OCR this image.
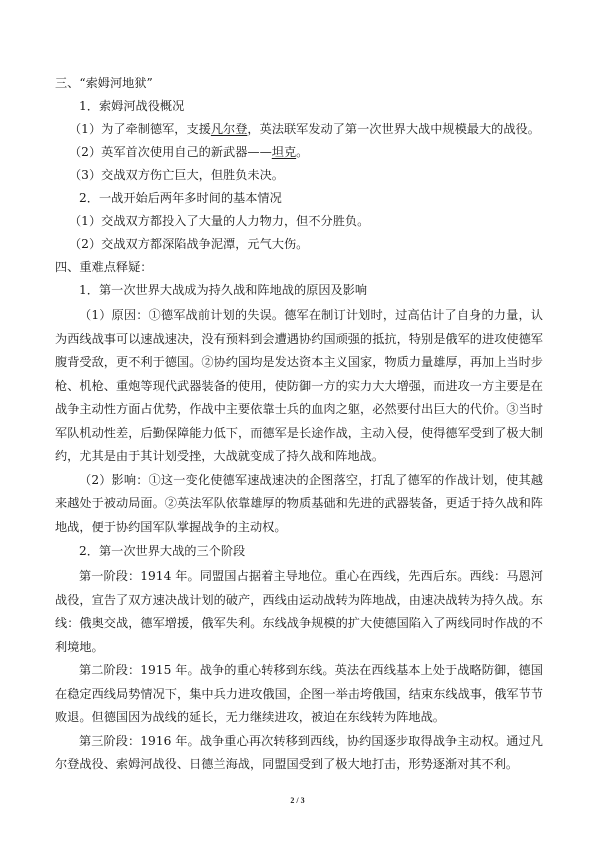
三、“索姆河地狱”

1．索姆河战役概况

（1）为了牵制德军，支援凡尔登，英法联军发动了第一次世界大战中规模最大的战役。

（2）英军首次使用自己的新武器——坦克。

（3）交战双方伤亡巨大，但胜负未决。

2．一战开始后两年多时间的基本情况

（1）交战双方都投入了大量的人力物力，但不分胜负。

（2）交战双方都深陷战争泥潭，元气大伤。

四、重难点释疑：

1．第一次世界大战成为持久战和阵地战的原因及影响

（1）原因：①德军战前计划的失误。德军在制订计划时，过高估计了自身的力量，认为西线战事可以速战速决，没有预料到会遭遇协约国顽强的抵抗，特别是俄军的进攻使德军腹背受敌，更不利于德国。②协约国均是发达资本主义国家，物质力量雄厚，再加上当时步枪、机枪、重炮等现代武器装备的使用，使防御一方的实力大大增强，而进攻一方主要是在战争主动性方面占优势，作战中主要依靠士兵的血肉之躯，必然要付出巨大的代价。③当时军队机动性差，后勤保障能力低下，而德军是长途作战，主动入侵，使得德军受到了极大制约，尤其是由于其计划受挫，大战就变成了持久战和阵地战。

（2）影响：①这一变化使德军速战速决的企图落空，打乱了德军的作战计划，使其越来越处于被动局面。②英法军队依靠雄厚的物质基础和先进的武器装备，更适于持久战和阵地战，便于协约国军队掌握战争的主动权。

2．第一次世界大战的三个阶段

第一阶段：1914 年。同盟国占据着主导地位。重心在西线，先西后东。西线：马恩河战役，宣告了双方速决战计划的破产，西线由运动战转为阵地战，由速决战转为持久战。东线：俄奥交战，德军增援，俄军失利。东线战争规模的扩大使德国陷入了两线同时作战的不利境地。

第二阶段：1915 年。战争的重心转移到东线。英法在西线基本上处于战略防御，德国在稳定西线局势情况下，集中兵力进攻俄国，企图一举击垮俄国，结束东线战事，俄军节节败退。但德国因为战线的延长，无力继续进攻，被迫在东线转为阵地战。

第三阶段：1916 年。战争重心再次转移到西线，协约国逐步取得战争主动权。通过凡尔登战役、索姆河战役、日德兰海战，同盟国受到了极大地打击，形势逐渐对其不利。

2 / 3
